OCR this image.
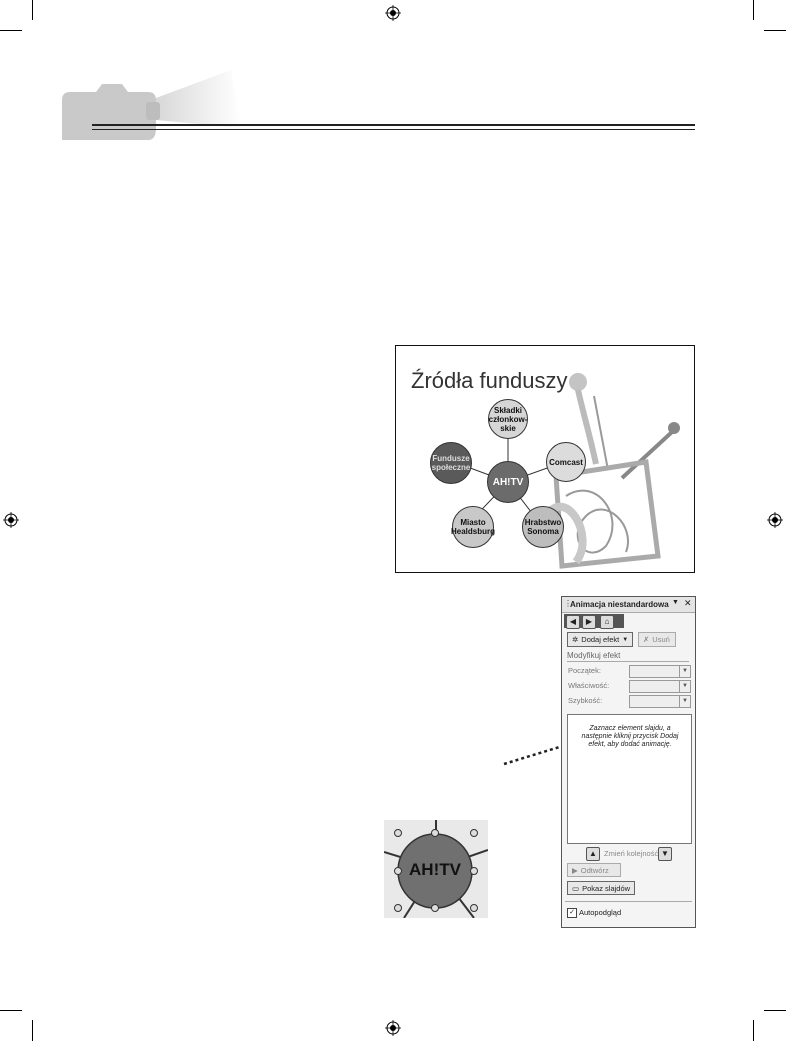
Źródła funduszy
Składki
członkow-
skie
Fundusze
społeczne
Comcast
AH!TV
Miasto
Healdsburg
Hrabstwo
Sonoma
⋮
Animacja niestandardowa ▼ ✕
◀	▶	⌂
✲ Dodaj efekt ▼ ✗ Usuń
Modyfikuj efekt
Początek:	▼
Właściwość:	▼
Szybkość:	▼
Zaznacz element slajdu, a następnie kliknij przycisk Dodaj efekt, aby dodać animację.
▲ Zmień kolejność ▼
▶ Odtwórz
▭ Pokaz slajdów
✓ Autopodgląd
AH!TV
